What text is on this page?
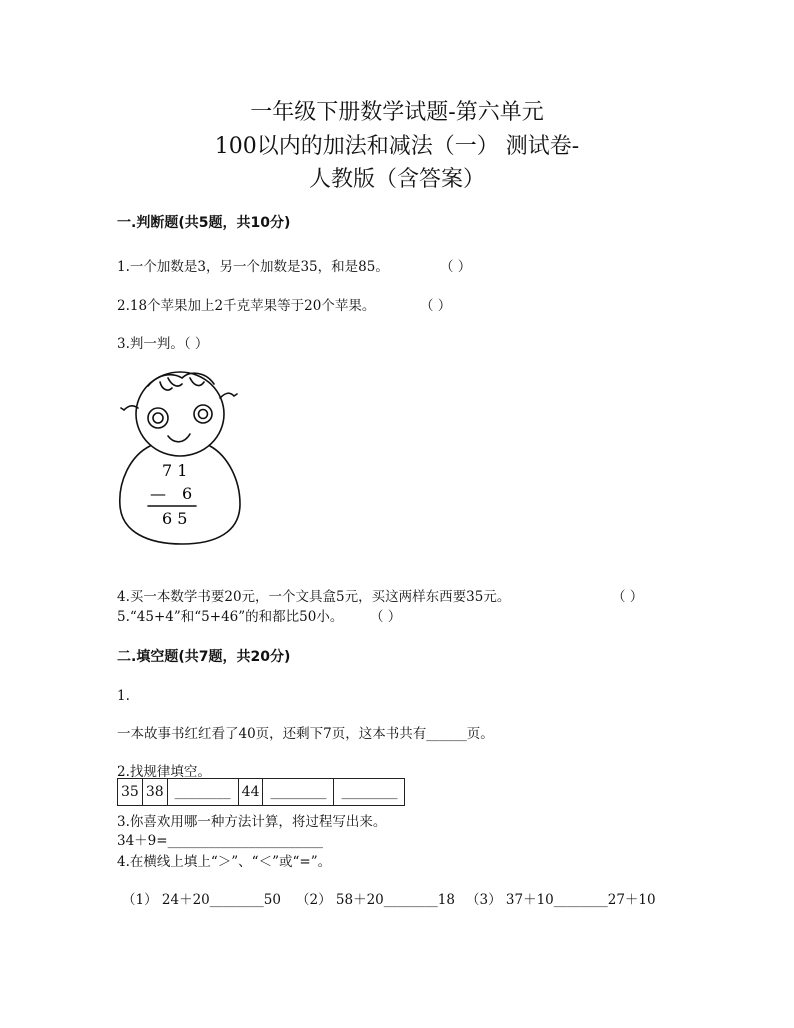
一年级下册数学试题-第六单元
100以内的加法和减法（一） 测试卷-
人教版（含答案）
一.判断题(共5题，共10分)
1.一个加数是3，另一个加数是35，和是85。	（ ）
2.18个苹果加上2千克苹果等于20个苹果。	（ ）
3.判一判。（ ）
7 1
— 6
6 5
4.买一本数学书要20元，一个文具盒5元，买这两样东西要35元。	（ ）
5.“45+4”和“5+46”的和都比50小。 （ ）
二.填空题(共7题，共20分)
1.
一本故事书红红看了40页，还剩下7页，这本书共有______页。
2.找规律填空。
35	38	________	44	________	________
3.你喜欢用哪一种方法计算，将过程写出来。
34＋9=_______________________
4.在横线上填上“＞”、“＜”或“=”。
（1） 24＋20________50 （2） 58＋20________18 （3） 37＋10________27＋10
